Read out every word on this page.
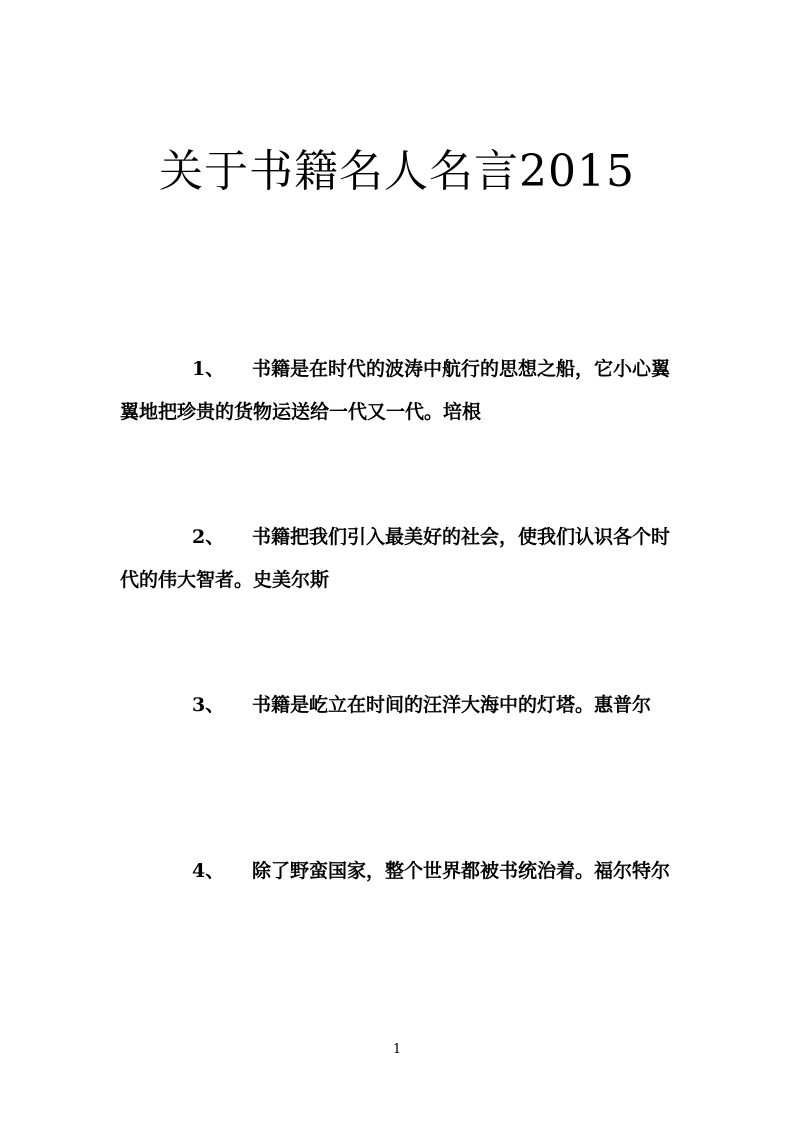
关于书籍名人名言2015

1、 书籍是在时代的波涛中航行的思想之船，它小心翼翼地把珍贵的货物运送给一代又一代。培根

2、 书籍把我们引入最美好的社会，使我们认识各个时代的伟大智者。史美尔斯

3、 书籍是屹立在时间的汪洋大海中的灯塔。惠普尔

4、 除了野蛮国家，整个世界都被书统治着。福尔特尔

1
